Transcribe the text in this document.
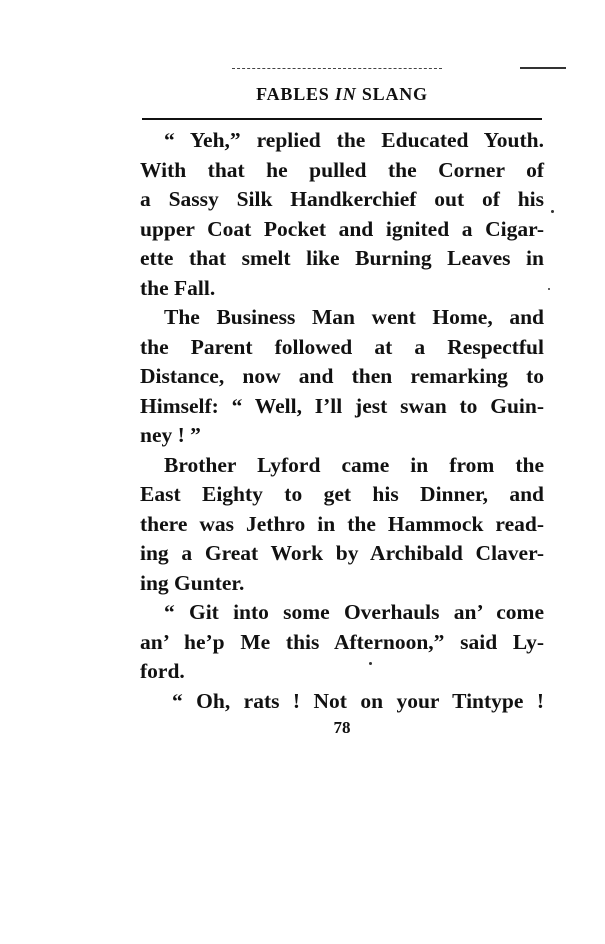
FABLES IN SLANG
“ Yeh,” replied the Educated Youth.
With that he pulled the Corner of
a Sassy Silk Handkerchief out of his
upper Coat Pocket and ignited a Cigar-
ette that smelt like Burning Leaves in
the Fall.
The Business Man went Home, and
the Parent followed at a Respectful
Distance, now and then remarking to
Himself: “ Well, I’ll jest swan to Guin-
ney ! ”
Brother Lyford came in from the
East Eighty to get his Dinner, and
there was Jethro in the Hammock read-
ing a Great Work by Archibald Claver-
ing Gunter.
“ Git into some Overhauls an’ come
an’ he’p Me this Afternoon,” said Ly-
ford.
“ Oh, rats ! Not on your Tintype !
78
